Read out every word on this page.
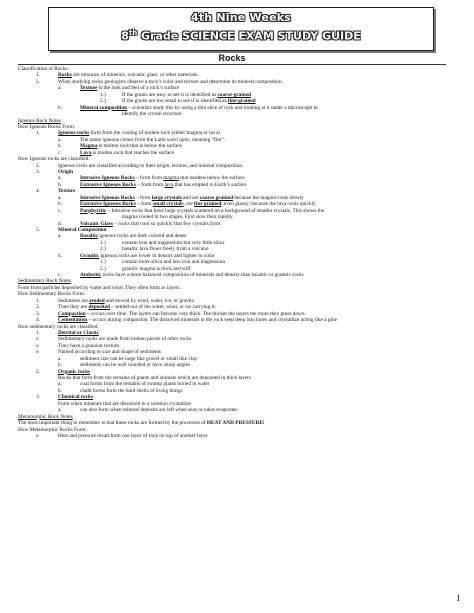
4th Nine Weeks
8th Grade SCIENCE EXAM STUDY GUIDE
Rocks
Classification of Rocks:
1.	Rocks are mixtures of minerals, volcanic glass, or other materials.
2.	When studying rocks geologists observe a rock’s color and texture and determine its mineral composition.
a.	Texture is the look and feel of a rock’s surface
1.)	If the grains are easy to see it is identified as coarse-grained
2.)	If the grains are too small to see if is identified as fine-grained
b.	Mineral composition – scientists study this by using a thin slice of rock and looking at it under a microscope to
identify the crystal structure
Igneous Rock Notes
How Igneous Rocks Form:
1.	Igneous rocks form from the cooling of molten rock (either magma or lava)
a.	The name igneous comes from the Latin word ignis, meaning “fire”.
b.	Magma is molten rock that is below the surface
c.	Lava is molten rock that reaches the surface
How Igneous rocks are classified:
2.	Igneous rocks are classified according to their origin, texture, and mineral composition.
3.	Origin
a.	Intrusive Igneous Rocks – form from magma that hardens below the surface
b.	Extrusive Igneous Rocks – form from lava that has erupted to Earth’s surface
4.	Texture
a.	Intrusive Igneous Rocks – form large crystals and are coarse grained because the magma cools slowly
b.	Extrusive Igneous Rocks – form small crystals, are fine grained, even glassy; because the lava cools quickly
c.	Porphyritic – Intrusive rocks that have large crystals scattered on a background of smaller crystals. This shows the
magma cooled in two stages. First slow then rapidly.
d.	Volcanic Glass – rocks that cool so quickly that few crystals form
5.	Mineral Composition
a.	Basaltic igneous rocks are dark colored and dense
1.)	contain iron and magnesium but very little silica
2.)	basaltic lava flows freely from a volcano
b.	Granitic igneous rocks are lower in density and lighter in color
1.)	contain more silica and less iron and magnesium
2.)	granitic magma is thick and stiff
c.	Andesitic rocks have a more balanced composition of minerals and density than basaltic or granitic rocks
Sedimentary Rock Notes
Form from particles deposited by water and wind. They often form as layers.
How Sedimentary Rocks Form:
1.	Sediments are eroded and moved by wind, water, ice, or gravity.
2.	Then they are deposited – settled out of the water, wind, or ice carrying it.
3.	Compaction – occurs over time. The layers can become very thick. The thicker the layers the more they press down.
4.	Cementation – occurs during compaction. The dissolved minerals in the rock seep deep into holes and crystallize acting like a glue
How sedimentary rocks are classified:
1.	Detrital or Clastic
o	Sedimentary rocks are made from broken pieces of other rocks.
o	They have a granular texture.
o	Named according to size and shape of sediments
a.	sediment size can be large like gravel or small like clay
b.	sediments can be well rounded or have sharp angles
2.	Organic rocks
Rocks that form from the remains of plants and animals which are deposited in thick layers
a.	coal forms from the remains of swamp plants buried in water
b.	chalk forms form the hard shells of living things
3.	Chemical rocks
Form when minerals that are dissolved in a solution crystallize
a.	can also form when mineral deposits are left when seas or lakes evaporate.
Metamorphic Rock Notes
The most important thing to remember is that these rocks are formed by the processes of HEAT AND PRESSURE!
How Metamorphic Rocks Form:
o	Heat and pressure result from one layer of rock on top of another layer
1
